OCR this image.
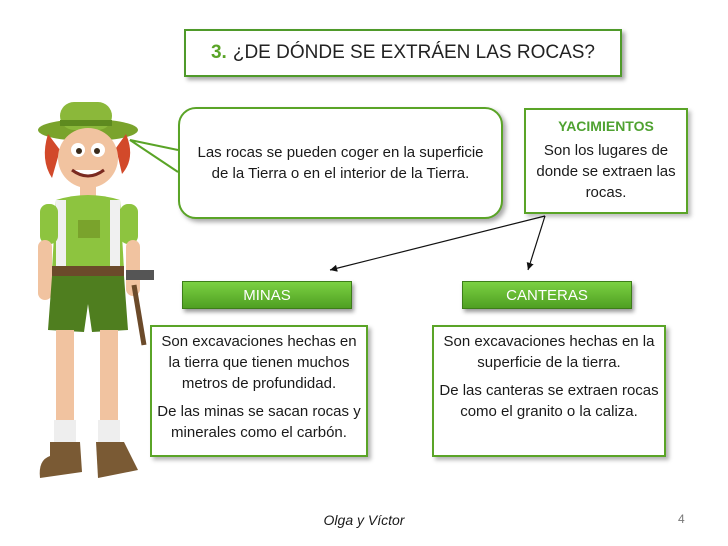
3. ¿DE DÓNDE SE EXTRÁEN LAS ROCAS?
Las rocas se pueden coger en la superficie de la Tierra o en el interior de la Tierra.
YACIMIENTOS
Son los lugares de donde se extraen las rocas.
MINAS	CANTERAS

Son excavaciones hechas en la tierra que tienen muchos metros de profundidad.

De las minas se sacan rocas y minerales como el carbón.

Son excavaciones hechas en la superficie de la tierra.

De las canteras se extraen rocas como el granito o la caliza.

Olga y Víctor	4
